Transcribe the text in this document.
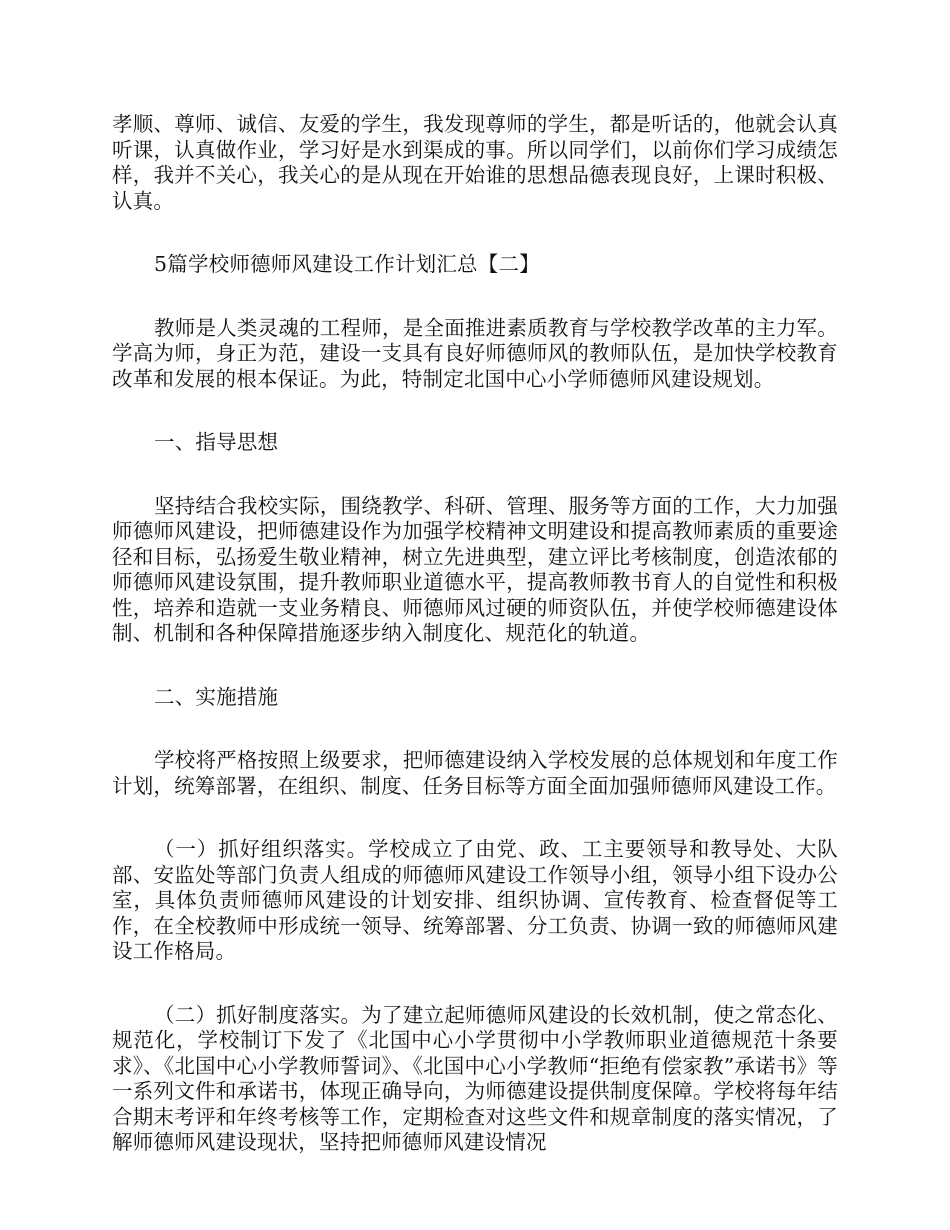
孝顺、尊师、诚信、友爱的学生，我发现尊师的学生，都是听话的，他就会认真听课，认真做作业，学习好是水到渠成的事。所以同学们，以前你们学习成绩怎样，我并不关心，我关心的是从现在开始谁的思想品德表现良好，上课时积极、认真。

5篇学校师德师风建设工作计划汇总【二】

教师是人类灵魂的工程师，是全面推进素质教育与学校教学改革的主力军。学高为师，身正为范，建设一支具有良好师德师风的教师队伍，是加快学校教育改革和发展的根本保证。为此，特制定北国中心小学师德师风建设规划。

一、指导思想

坚持结合我校实际，围绕教学、科研、管理、服务等方面的工作，大力加强师德师风建设，把师德建设作为加强学校精神文明建设和提高教师素质的重要途径和目标，弘扬爱生敬业精神，树立先进典型，建立评比考核制度，创造浓郁的师德师风建设氛围，提升教师职业道德水平，提高教师教书育人的自觉性和积极性，培养和造就一支业务精良、师德师风过硬的师资队伍，并使学校师德建设体制、机制和各种保障措施逐步纳入制度化、规范化的轨道。

二、实施措施

学校将严格按照上级要求，把师德建设纳入学校发展的总体规划和年度工作计划，统筹部署，在组织、制度、任务目标等方面全面加强师德师风建设工作。

（一）抓好组织落实。学校成立了由党、政、工主要领导和教导处、大队部、安监处等部门负责人组成的师德师风建设工作领导小组，领导小组下设办公室，具体负责师德师风建设的计划安排、组织协调、宣传教育、检查督促等工作，在全校教师中形成统一领导、统筹部署、分工负责、协调一致的师德师风建设工作格局。

（二）抓好制度落实。为了建立起师德师风建设的长效机制，使之常态化、规范化，学校制订下发了《北国中心小学贯彻中小学教师职业道德规范十条要求》、《北国中心小学教师誓词》、《北国中心小学教师“拒绝有偿家教”承诺书》等一系列文件和承诺书，体现正确导向，为师德建设提供制度保障。学校将每年结合期末考评和年终考核等工作，定期检查对这些文件和规章制度的落实情况，了解师德师风建设现状，坚持把师德师风建设情况
